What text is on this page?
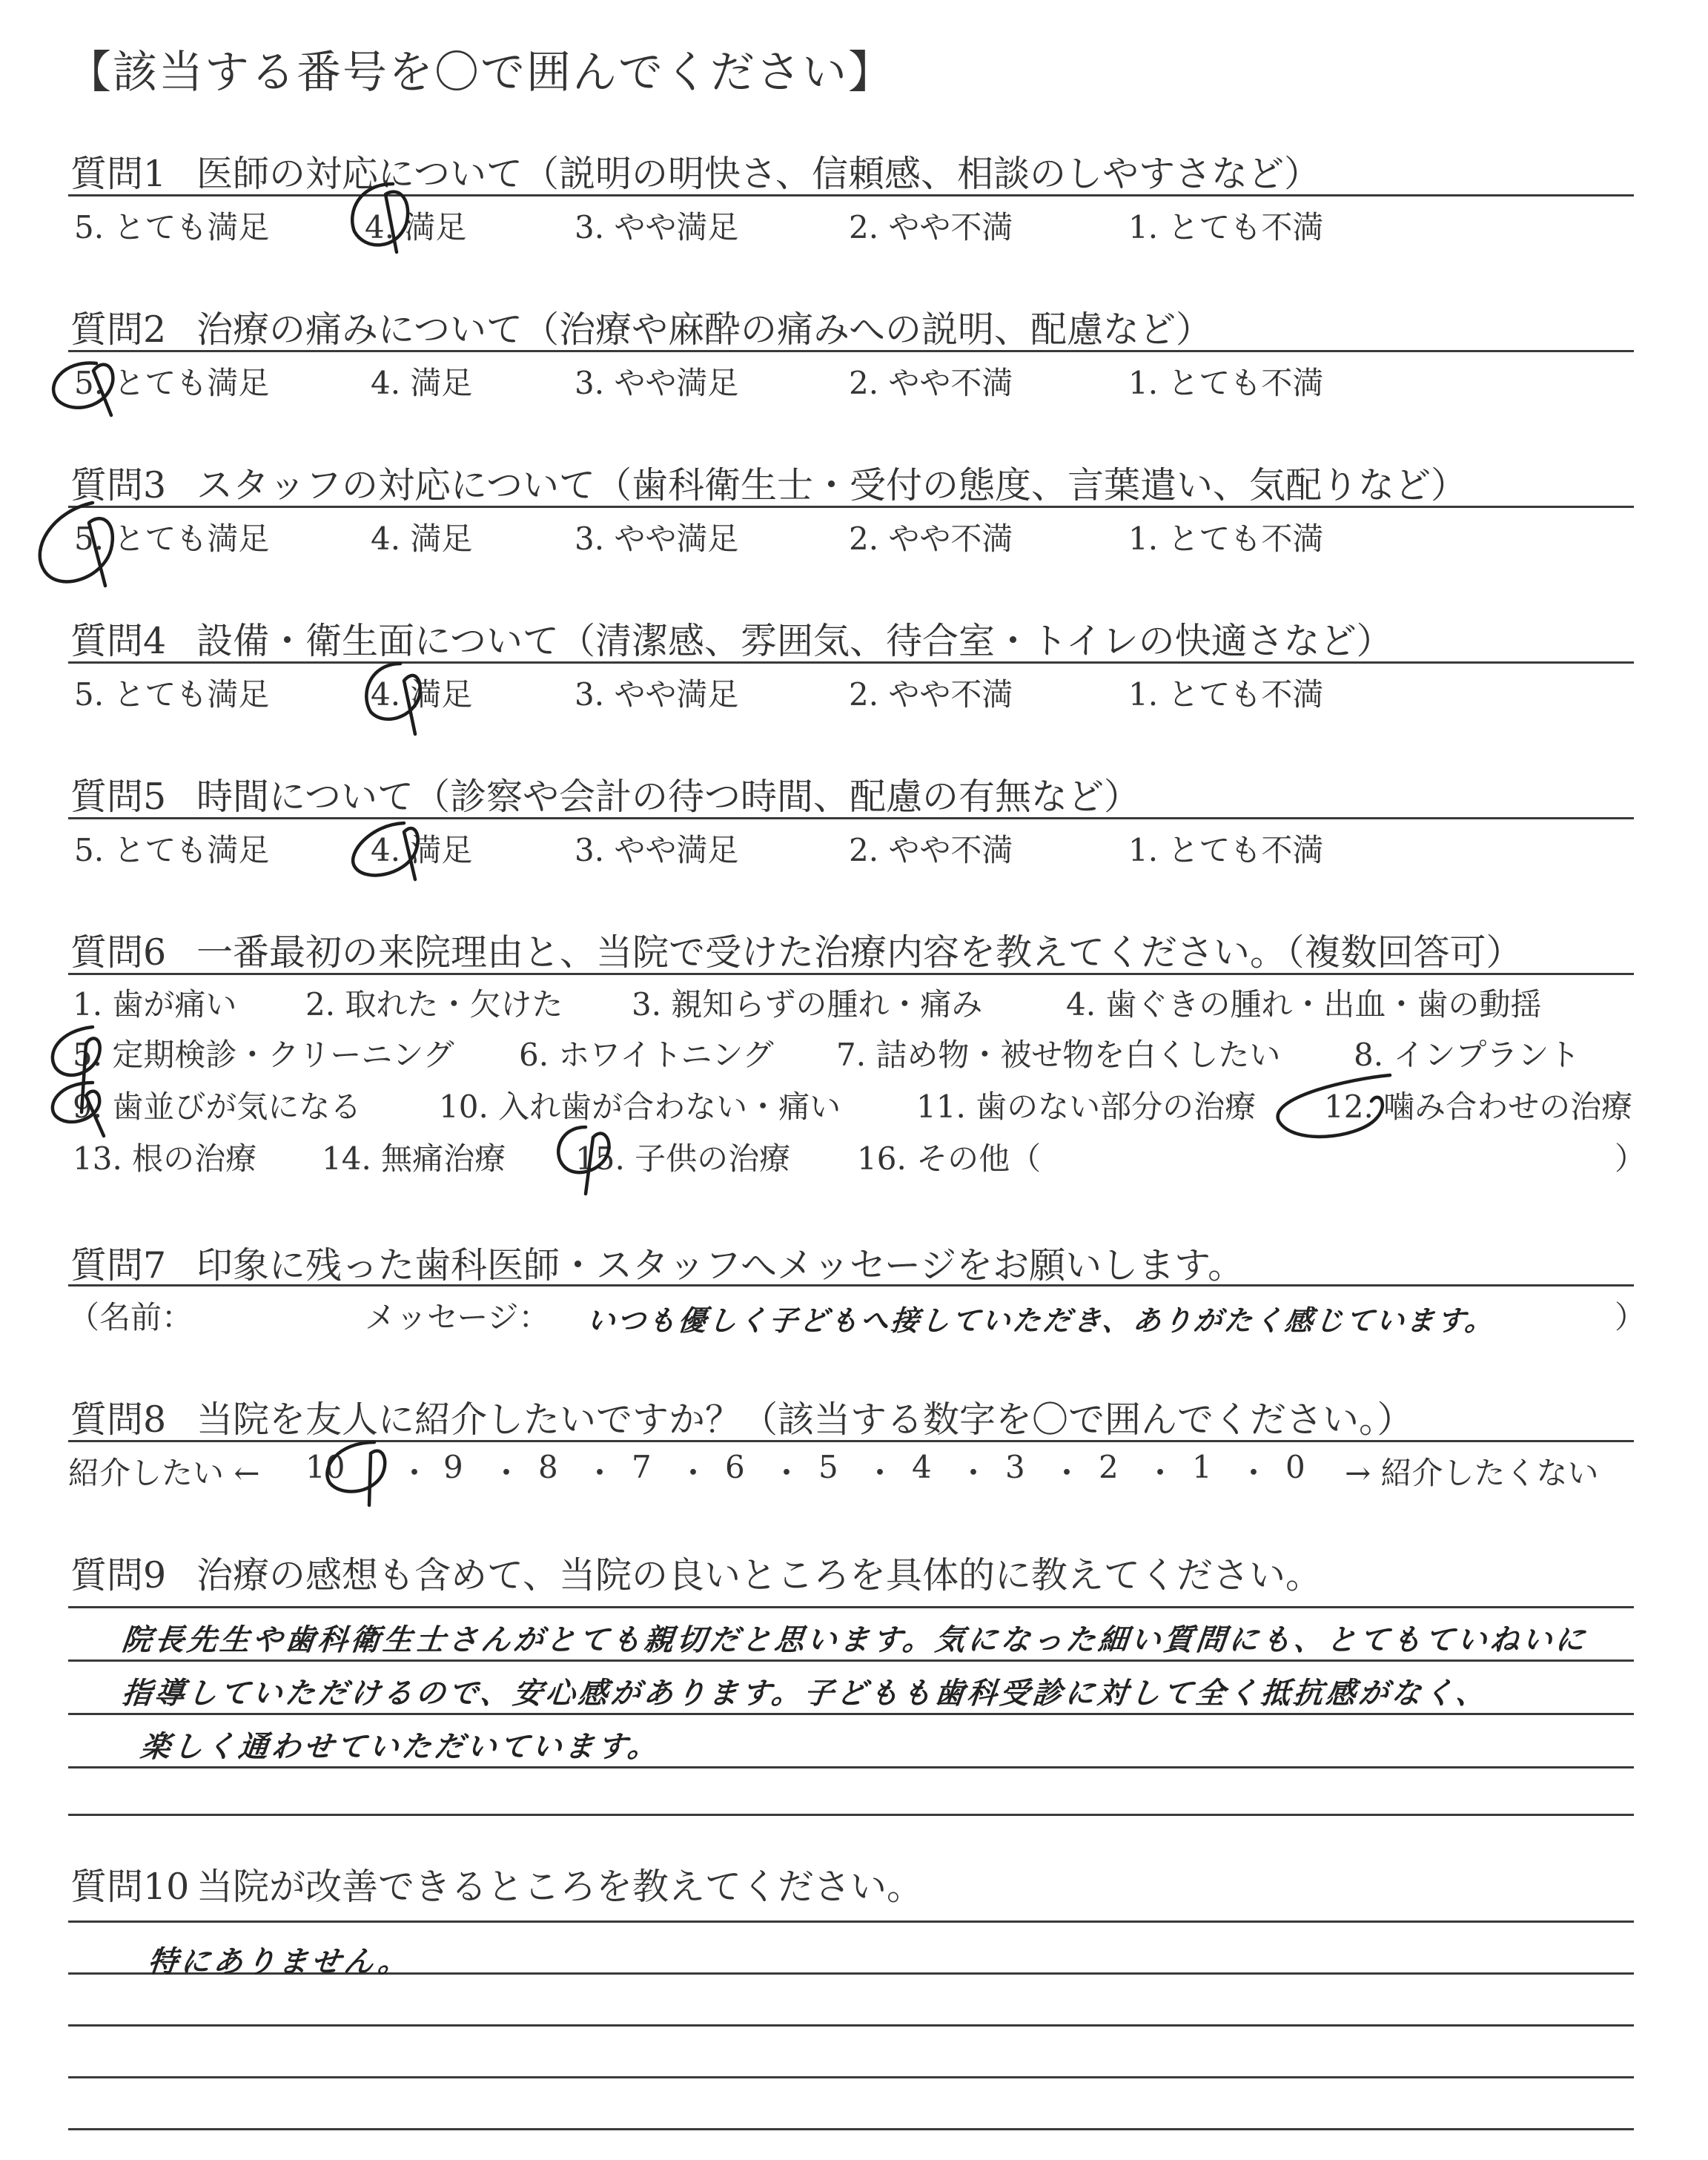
【該当する番号を〇で囲んでください】
質問1 医師の対応について（説明の明快さ、信頼感、相談のしやすさなど）
5. とても満足	4. 満足	3. やや満足	2. やや不満	1. とても不満
質問2 治療の痛みについて（治療や麻酔の痛みへの説明、配慮など）
5. とても満足	4. 満足	3. やや満足	2. やや不満	1. とても不満
質問3 スタッフの対応について（歯科衛生士・受付の態度、言葉遣い、気配りなど）
5. とても満足	4. 満足	3. やや満足	2. やや不満	1. とても不満
質問4 設備・衛生面について（清潔感、雰囲気、待合室・トイレの快適さなど）
5. とても満足	4. 満足	3. やや満足	2. やや不満	1. とても不満
質問5 時間について（診察や会計の待つ時間、配慮の有無など）
5. とても満足	4. 満足	3. やや満足	2. やや不満	1. とても不満
質問6 一番最初の来院理由と、当院で受けた治療内容を教えてください。（複数回答可）
1. 歯が痛い 2. 取れた・欠けた 3. 親知らずの腫れ・痛み	4. 歯ぐきの腫れ・出血・歯の動揺
5. 定期検診・クリーニング 6. ホワイトニング 7. 詰め物・被せ物を白くしたい 8. インプラント
9. 歯並びが気になる 10. 入れ歯が合わない・痛い 11. 歯のない部分の治療 12. 噛み合わせの治療
13. 根の治療 14. 無痛治療 15. 子供の治療 16. その他（	）
質問7 印象に残った歯科医師・スタッフへメッセージをお願いします。
（名前：	メッセージ： いつも優しく子どもへ接していただき、ありがたく感じています。	）
質問8 当院を友人に紹介したいですか？（該当する数字を〇で囲んでください。）
紹介したい ← 10	9 8 7 6 5 4 3 2 1 0
・ ・ ・ ・ ・ ・ ・ ・ ・ ・ → 紹介したくない
質問9 治療の感想も含めて、当院の良いところを具体的に教えてください。
院長先生や歯科衛生士さんがとても親切だと思います。気になった細い質問にも、とてもていねいに
指導していただけるので、安心感があります。子どもも歯科受診に対して全く抵抗感がなく、
楽しく通わせていただいています。
質問10 当院が改善できるところを教えてください。
特にありません。
